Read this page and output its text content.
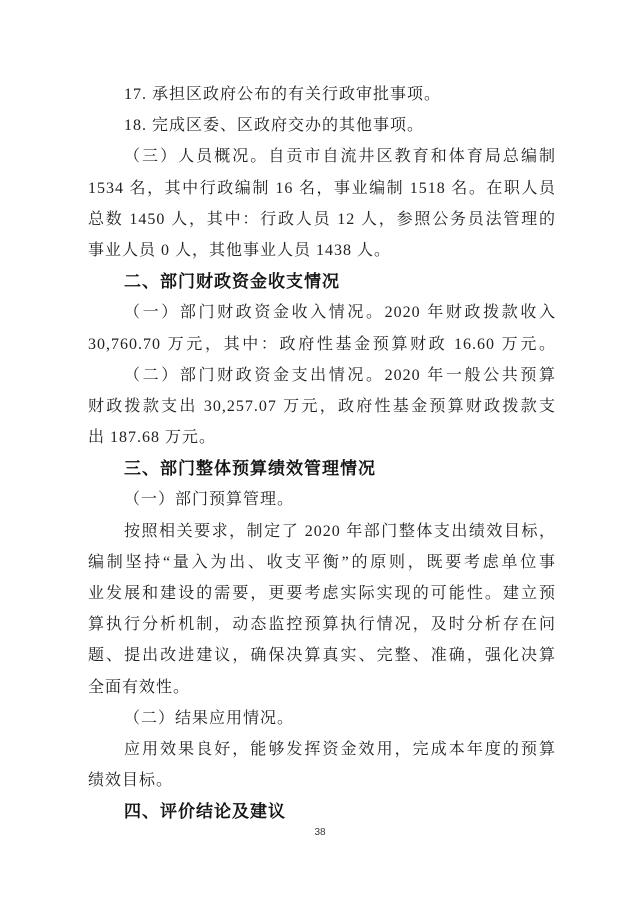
17. 承担区政府公布的有关行政审批事项。

18. 完成区委、区政府交办的其他事项。

（三）人员概况。自贡市自流井区教育和体育局总编制

1534 名，其中行政编制 16 名，事业编制 1518 名。在职人员

总数 1450 人，其中：行政人员 12 人，参照公务员法管理的

事业人员 0 人，其他事业人员 1438 人。

二、部门财政资金收支情况

（一）部门财政资金收入情况。2020 年财政拨款收入

30,760.70 万元，其中：政府性基金预算财政 16.60 万元。

（二）部门财政资金支出情况。2020 年一般公共预算

财政拨款支出 30,257.07 万元，政府性基金预算财政拨款支

出 187.68 万元。

三、部门整体预算绩效管理情况

（一）部门预算管理。

按照相关要求，制定了 2020 年部门整体支出绩效目标，

编制坚持“量入为出、收支平衡”的原则，既要考虑单位事

业发展和建设的需要，更要考虑实际实现的可能性。建立预

算执行分析机制，动态监控预算执行情况，及时分析存在问

题、提出改进建议，确保决算真实、完整、准确，强化决算

全面有效性。

（二）结果应用情况。

应用效果良好，能够发挥资金效用，完成本年度的预算

绩效目标。

四、评价结论及建议

38
